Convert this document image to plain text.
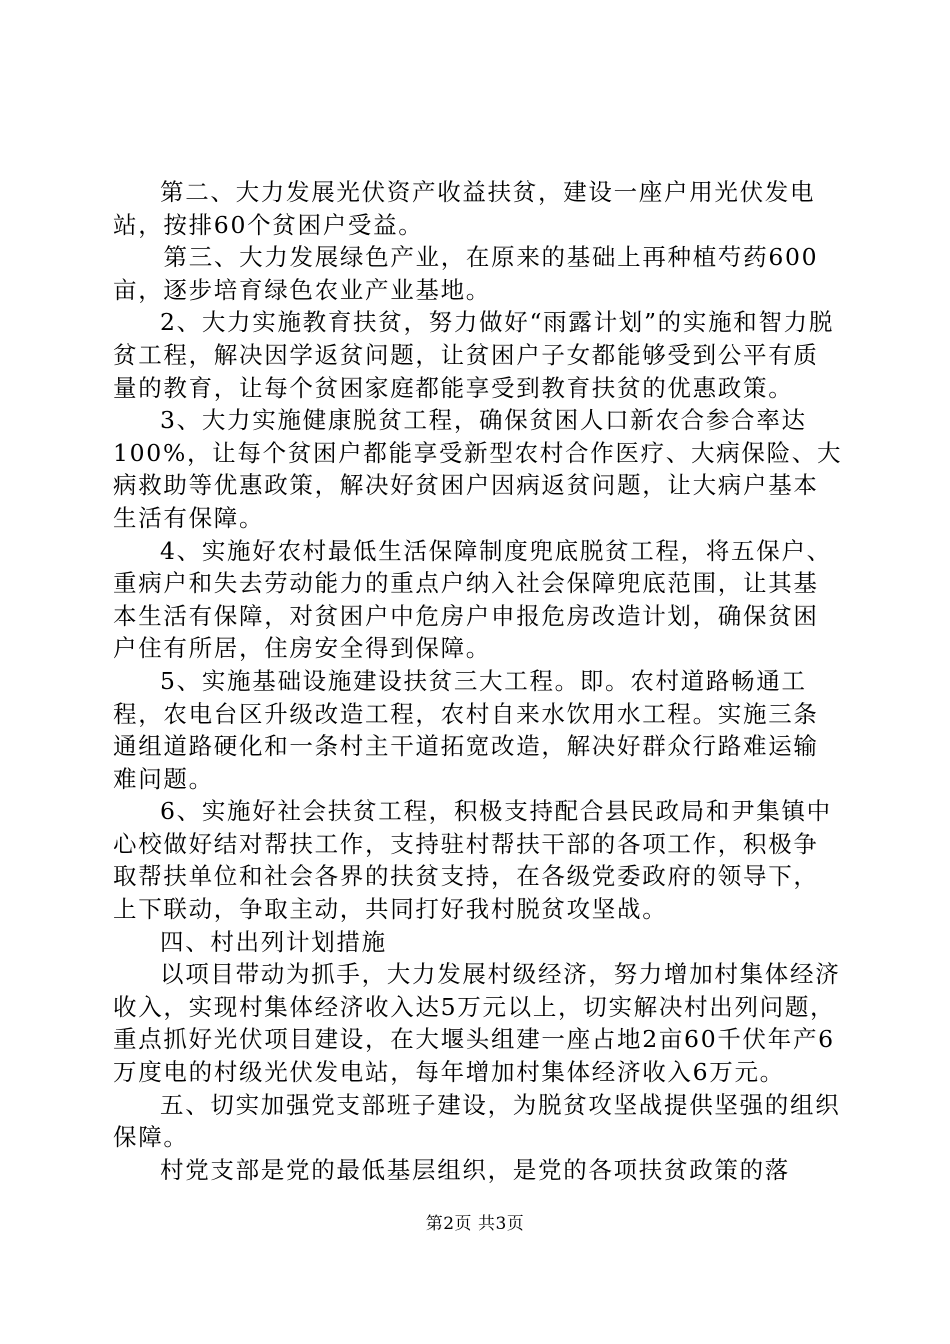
第二、大力发展光伏资产收益扶贫，建设一座户用光伏发电站，按排60个贫困户受益。

第三、大力发展绿色产业，在原来的基础上再种植芍药600亩，逐步培育绿色农业产业基地。

2、大力实施教育扶贫，努力做好“雨露计划”的实施和智力脱贫工程，解决因学返贫问题，让贫困户子女都能够受到公平有质量的教育，让每个贫困家庭都能享受到教育扶贫的优惠政策。

3、大力实施健康脱贫工程，确保贫困人口新农合参合率达100%，让每个贫困户都能享受新型农村合作医疗、大病保险、大病救助等优惠政策，解决好贫困户因病返贫问题，让大病户基本生活有保障。

4、实施好农村最低生活保障制度兜底脱贫工程，将五保户、重病户和失去劳动能力的重点户纳入社会保障兜底范围，让其基本生活有保障，对贫困户中危房户申报危房改造计划，确保贫困户住有所居，住房安全得到保障。

5、实施基础设施建设扶贫三大工程。即。农村道路畅通工程，农电台区升级改造工程，农村自来水饮用水工程。实施三条通组道路硬化和一条村主干道拓宽改造，解决好群众行路难运输难问题。

6、实施好社会扶贫工程，积极支持配合县民政局和尹集镇中心校做好结对帮扶工作，支持驻村帮扶干部的各项工作，积极争取帮扶单位和社会各界的扶贫支持，在各级党委政府的领导下，上下联动，争取主动，共同打好我村脱贫攻坚战。

四、村出列计划措施

以项目带动为抓手，大力发展村级经济，努力增加村集体经济收入，实现村集体经济收入达5万元以上，切实解决村出列问题，重点抓好光伏项目建设，在大堰头组建一座占地2亩60千伏年产6万度电的村级光伏发电站，每年增加村集体经济收入6万元。

五、切实加强党支部班子建设，为脱贫攻坚战提供坚强的组织保障。

村党支部是党的最低基层组织，是党的各项扶贫政策的落

第2页 共3页
